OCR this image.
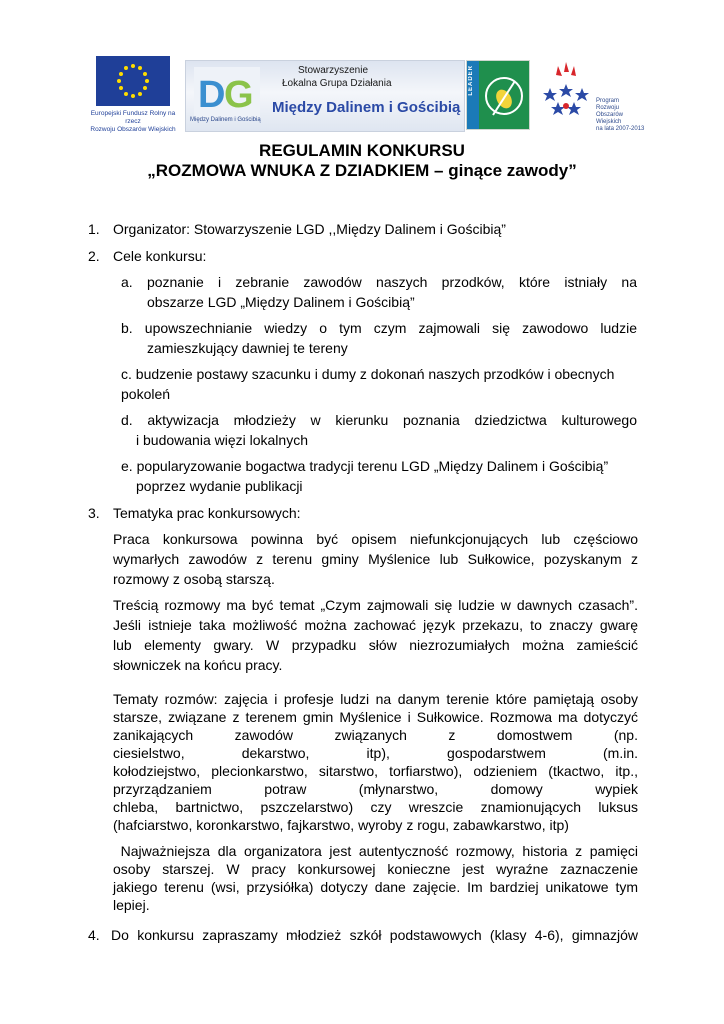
Europejski Fundusz Rolny na rzecz
Rozwoju Obszarów Wiejskich
D
G
Między Dalinem i Gościbią
Stowarzyszenie
Łokalna Grupa Działania
Między Dalinem i Gościbią
LEADER
Program
Rozwoju
Obszarów
Wiejskich
na lata 2007-2013
REGULAMIN KONKURSU
„ROZMOWA WNUKA Z DZIADKIEM – ginące zawody”
1. Organizator: Stowarzyszenie LGD ,,Między Dalinem i Gościbią”
2. Cele konkursu:
a. poznanie i zebranie zawodów naszych przodków, które istniały na
obszarze LGD „Między Dalinem i Gościbią”
b. upowszechnianie wiedzy o tym czym zajmowali się zawodowo ludzie
zamieszkujący dawniej te tereny
c. budzenie postawy szacunku i dumy z dokonań naszych przodków i obecnych
pokoleń
d. aktywizacja młodzieży w kierunku poznania dziedzictwa kulturowego
i budowania więzi lokalnych
e. popularyzowanie bogactwa tradycji terenu LGD „Między Dalinem i Gościbią”
poprzez wydanie publikacji
3. Tematyka prac konkursowych:
Praca konkursowa powinna być opisem niefunkcjonujących lub częściowo
wymarłych zawodów z terenu gminy Myślenice lub Sułkowice, pozyskanym z
rozmowy z osobą starszą.
Treścią rozmowy ma być temat „Czym zajmowali się ludzie w dawnych czasach”.
Jeśli istnieje taka możliwość można zachować język przekazu, to znaczy gwarę
lub elementy gwary. W przypadku słów niezrozumiałych można zamieścić
słowniczek na końcu pracy.
Tematy rozmów: zajęcia i profesje ludzi na danym terenie które pamiętają osoby
starsze, związane z terenem gmin Myślenice i Sułkowice. Rozmowa ma dotyczyć
zanikających zawodów związanych z domostwem (np.
ciesielstwo, dekarstwo, itp), gospodarstwem (m.in.
kołodziejstwo, plecionkarstwo, sitarstwo, torfiarstwo), odzieniem (tkactwo, itp.,
przyrządzaniem potraw (młynarstwo, domowy wypiek
chleba, bartnictwo, pszczelarstwo) czy wreszcie znamionujących luksus
(hafciarstwo, koronkarstwo, fajkarstwo, wyroby z rogu, zabawkarstwo, itp)
Najważniejsza dla organizatora jest autentyczność rozmowy, historia z pamięci
osoby starszej. W pracy konkursowej konieczne jest wyraźne zaznaczenie
jakiego terenu (wsi, przysiółka) dotyczy dane zajęcie. Im bardziej unikatowe tym
lepiej.
4. Do konkursu zapraszamy młodzież szkół podstawowych (klasy 4-6), gimnazjów
